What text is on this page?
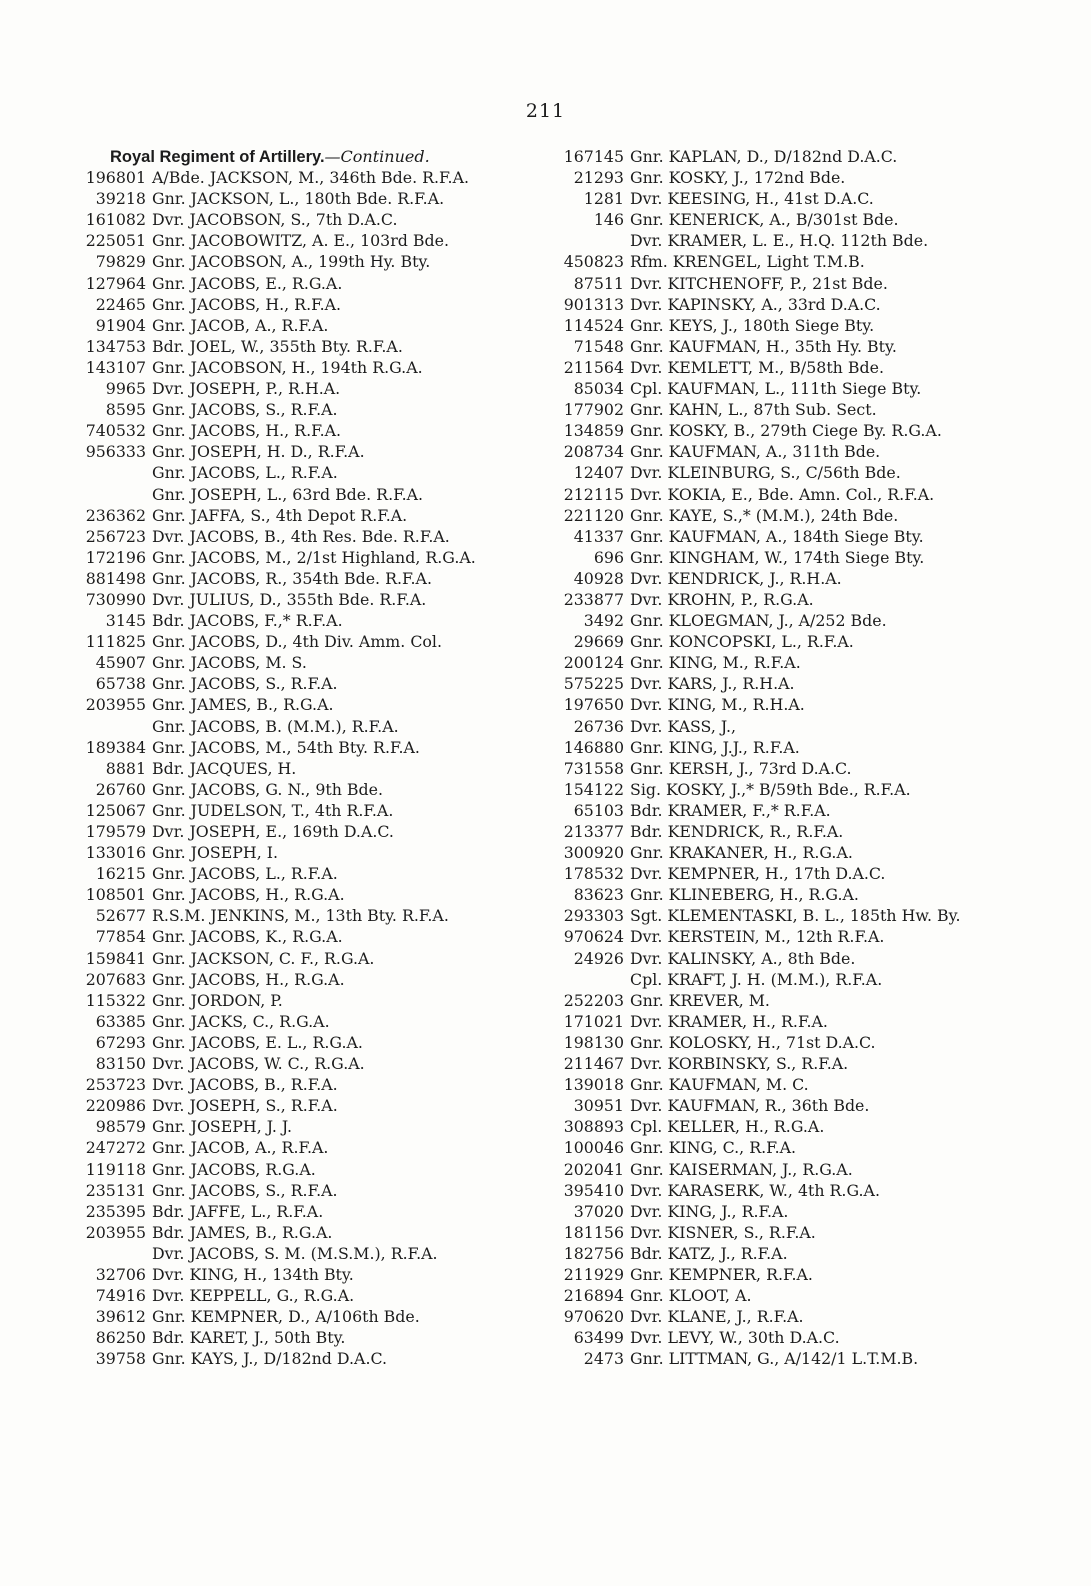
211
Royal Regiment of Artillery.—Continued.
196801 A/Bde. JACKSON, M., 346th Bde. R.F.A.
39218 Gnr. JACKSON, L., 180th Bde. R.F.A.
161082 Dvr. JACOBSON, S., 7th D.A.C.
225051 Gnr. JACOBOWITZ, A. E., 103rd Bde.
79829 Gnr. JACOBSON, A., 199th Hy. Bty.
127964 Gnr. JACOBS, E., R.G.A.
22465 Gnr. JACOBS, H., R.F.A.
91904 Gnr. JACOB, A., R.F.A.
134753 Bdr. JOEL, W., 355th Bty. R.F.A.
143107 Gnr. JACOBSON, H., 194th R.G.A.
9965 Dvr. JOSEPH, P., R.H.A.
8595 Gnr. JACOBS, S., R.F.A.
740532 Gnr. JACOBS, H., R.F.A.
956333 Gnr. JOSEPH, H. D., R.F.A.
Gnr. JACOBS, L., R.F.A.
Gnr. JOSEPH, L., 63rd Bde. R.F.A.
236362 Gnr. JAFFA, S., 4th Depot R.F.A.
256723 Dvr. JACOBS, B., 4th Res. Bde. R.F.A.
172196 Gnr. JACOBS, M., 2/1st Highland, R.G.A.
881498 Gnr. JACOBS, R., 354th Bde. R.F.A.
730990 Dvr. JULIUS, D., 355th Bde. R.F.A.
3145 Bdr. JACOBS, F.,* R.F.A.
111825 Gnr. JACOBS, D., 4th Div. Amm. Col.
45907 Gnr. JACOBS, M. S.
65738 Gnr. JACOBS, S., R.F.A.
203955 Gnr. JAMES, B., R.G.A.
Gnr. JACOBS, B. (M.M.), R.F.A.
189384 Gnr. JACOBS, M., 54th Bty. R.F.A.
8881 Bdr. JACQUES, H.
26760 Gnr. JACOBS, G. N., 9th Bde.
125067 Gnr. JUDELSON, T., 4th R.F.A.
179579 Dvr. JOSEPH, E., 169th D.A.C.
133016 Gnr. JOSEPH, I.
16215 Gnr. JACOBS, L., R.F.A.
108501 Gnr. JACOBS, H., R.G.A.
52677 R.S.M. JENKINS, M., 13th Bty. R.F.A.
77854 Gnr. JACOBS, K., R.G.A.
159841 Gnr. JACKSON, C. F., R.G.A.
207683 Gnr. JACOBS, H., R.G.A.
115322 Gnr. JORDON, P.
63385 Gnr. JACKS, C., R.G.A.
67293 Gnr. JACOBS, E. L., R.G.A.
83150 Dvr. JACOBS, W. C., R.G.A.
253723 Dvr. JACOBS, B., R.F.A.
220986 Dvr. JOSEPH, S., R.F.A.
98579 Gnr. JOSEPH, J. J.
247272 Gnr. JACOB, A., R.F.A.
119118 Gnr. JACOBS, R.G.A.
235131 Gnr. JACOBS, S., R.F.A.
235395 Bdr. JAFFE, L., R.F.A.
203955 Bdr. JAMES, B., R.G.A.
Dvr. JACOBS, S. M. (M.S.M.), R.F.A.
32706 Dvr. KING, H., 134th Bty.
74916 Dvr. KEPPELL, G., R.G.A.
39612 Gnr. KEMPNER, D., A/106th Bde.
86250 Bdr. KARET, J., 50th Bty.
39758 Gnr. KAYS, J., D/182nd D.A.C.
167145 Gnr. KAPLAN, D., D/182nd D.A.C.
21293 Gnr. KOSKY, J., 172nd Bde.
1281 Dvr. KEESING, H., 41st D.A.C.
146 Gnr. KENERICK, A., B/301st Bde.
Dvr. KRAMER, L. E., H.Q. 112th Bde.
450823 Rfm. KRENGEL, Light T.M.B.
87511 Dvr. KITCHENOFF, P., 21st Bde.
901313 Dvr. KAPINSKY, A., 33rd D.A.C.
114524 Gnr. KEYS, J., 180th Siege Bty.
71548 Gnr. KAUFMAN, H., 35th Hy. Bty.
211564 Dvr. KEMLETT, M., B/58th Bde.
85034 Cpl. KAUFMAN, L., 111th Siege Bty.
177902 Gnr. KAHN, L., 87th Sub. Sect.
134859 Gnr. KOSKY, B., 279th Ciege By. R.G.A.
208734 Gnr. KAUFMAN, A., 311th Bde.
12407 Dvr. KLEINBURG, S., C/56th Bde.
212115 Dvr. KOKIA, E., Bde. Amn. Col., R.F.A.
221120 Gnr. KAYE, S.,* (M.M.), 24th Bde.
41337 Gnr. KAUFMAN, A., 184th Siege Bty.
696 Gnr. KINGHAM, W., 174th Siege Bty.
40928 Dvr. KENDRICK, J., R.H.A.
233877 Dvr. KROHN, P., R.G.A.
3492 Gnr. KLOEGMAN, J., A/252 Bde.
29669 Gnr. KONCOPSKI, L., R.F.A.
200124 Gnr. KING, M., R.F.A.
575225 Dvr. KARS, J., R.H.A.
197650 Dvr. KING, M., R.H.A.
26736 Dvr. KASS, J.,
146880 Gnr. KING, J.J., R.F.A.
731558 Gnr. KERSH, J., 73rd D.A.C.
154122 Sig. KOSKY, J.,* B/59th Bde., R.F.A.
65103 Bdr. KRAMER, F.,* R.F.A.
213377 Bdr. KENDRICK, R., R.F.A.
300920 Gnr. KRAKANER, H., R.G.A.
178532 Dvr. KEMPNER, H., 17th D.A.C.
83623 Gnr. KLINEBERG, H., R.G.A.
293303 Sgt. KLEMENTASKI, B. L., 185th Hw. By.
970624 Dvr. KERSTEIN, M., 12th R.F.A.
24926 Dvr. KALINSKY, A., 8th Bde.
Cpl. KRAFT, J. H. (M.M.), R.F.A.
252203 Gnr. KREVER, M.
171021 Dvr. KRAMER, H., R.F.A.
198130 Gnr. KOLOSKY, H., 71st D.A.C.
211467 Dvr. KORBINSKY, S., R.F.A.
139018 Gnr. KAUFMAN, M. C.
30951 Dvr. KAUFMAN, R., 36th Bde.
308893 Cpl. KELLER, H., R.G.A.
100046 Gnr. KING, C., R.F.A.
202041 Gnr. KAISERMAN, J., R.G.A.
395410 Dvr. KARASERK, W., 4th R.G.A.
37020 Dvr. KING, J., R.F.A.
181156 Dvr. KISNER, S., R.F.A.
182756 Bdr. KATZ, J., R.F.A.
211929 Gnr. KEMPNER, R.F.A.
216894 Gnr. KLOOT, A.
970620 Dvr. KLANE, J., R.F.A.
63499 Dvr. LEVY, W., 30th D.A.C.
2473 Gnr. LITTMAN, G., A/142/1 L.T.M.B.
